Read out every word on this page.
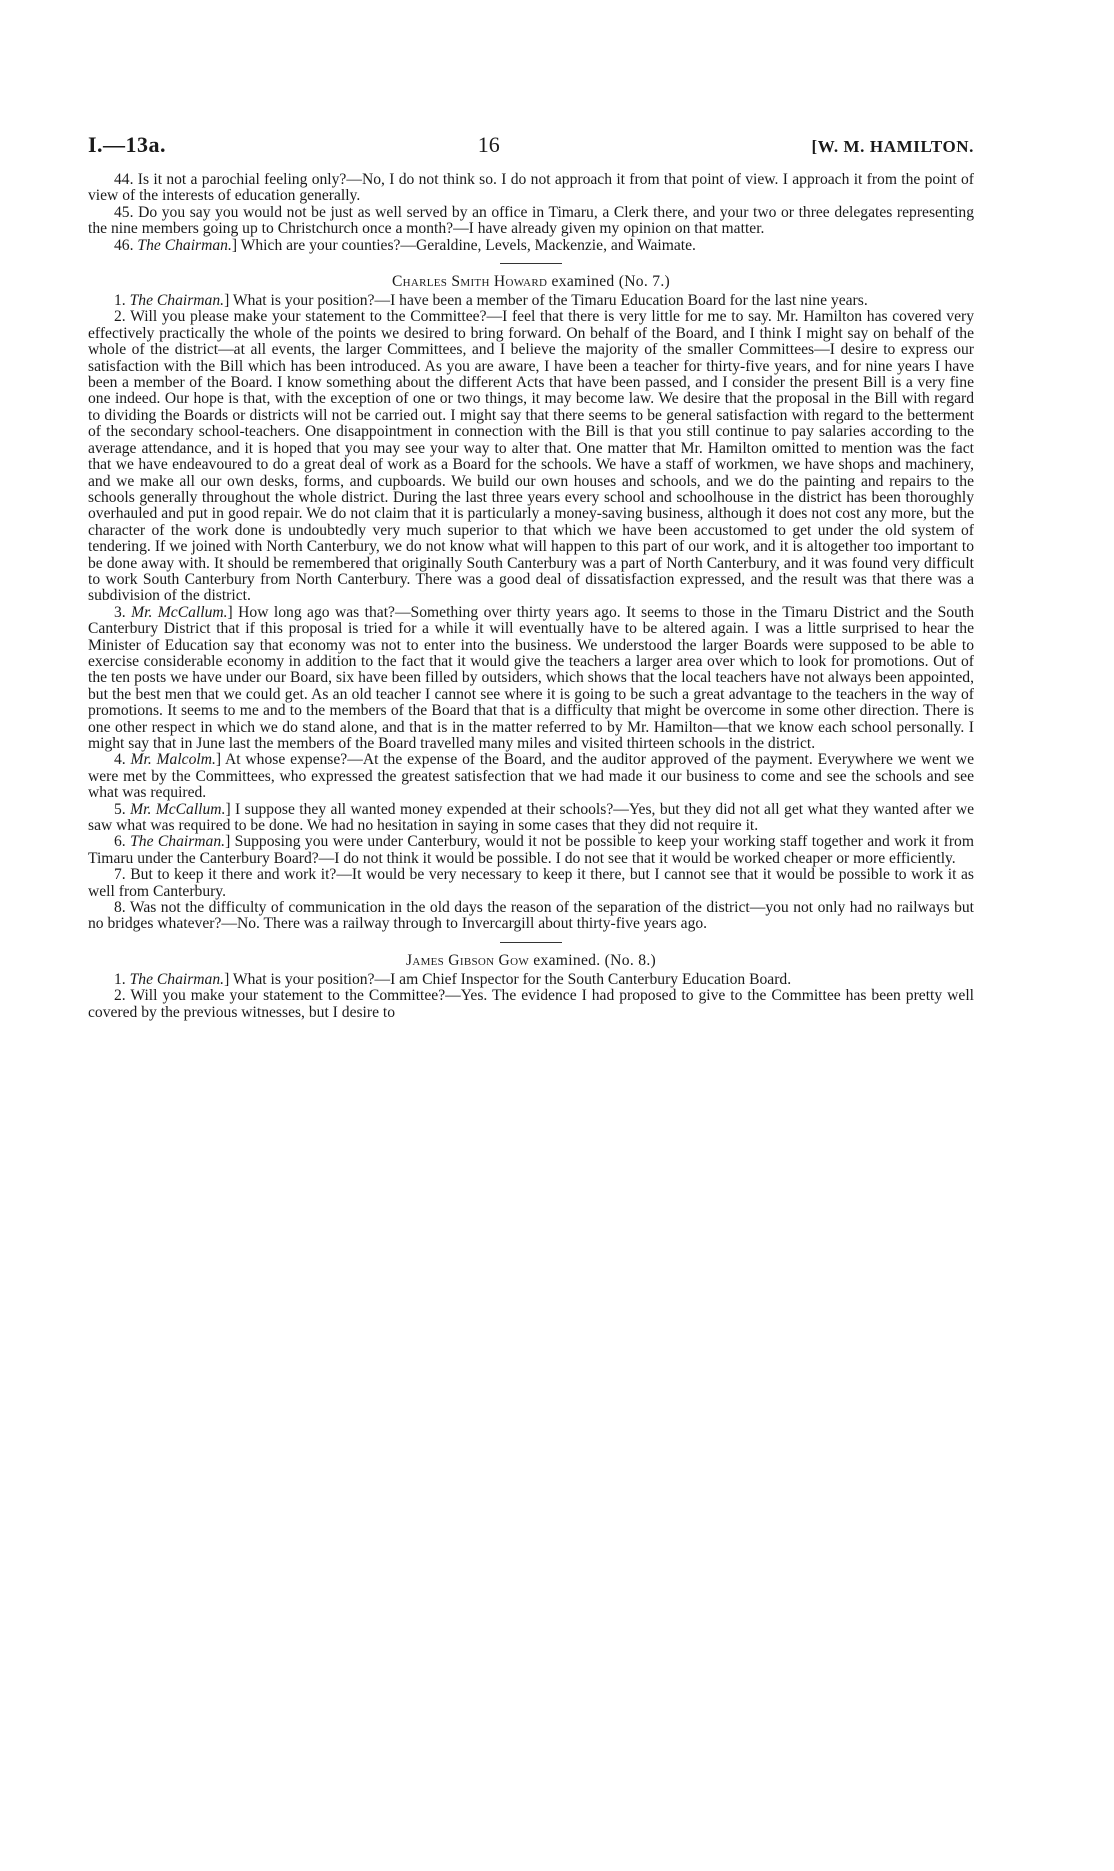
I.—13a.	16	[W. M. HAMILTON.

44. Is it not a parochial feeling only?—No, I do not think so. I do not approach it from that point of view. I approach it from the point of view of the interests of education generally.

45. Do you say you would not be just as well served by an office in Timaru, a Clerk there, and your two or three delegates representing the nine members going up to Christchurch once a month?—I have already given my opinion on that matter.

46. The Chairman.] Which are your counties?—Geraldine, Levels, Mackenzie, and Waimate.

Charles Smith Howard examined (No. 7.)

1. The Chairman.] What is your position?—I have been a member of the Timaru Education Board for the last nine years.

2. Will you please make your statement to the Committee?—I feel that there is very little for me to say. Mr. Hamilton has covered very effectively practically the whole of the points we desired to bring forward. On behalf of the Board, and I think I might say on behalf of the whole of the district—at all events, the larger Committees, and I believe the majority of the smaller Committees—I desire to express our satisfaction with the Bill which has been introduced. As you are aware, I have been a teacher for thirty-five years, and for nine years I have been a member of the Board. I know something about the different Acts that have been passed, and I consider the present Bill is a very fine one indeed. Our hope is that, with the exception of one or two things, it may become law. We desire that the proposal in the Bill with regard to dividing the Boards or districts will not be carried out. I might say that there seems to be general satisfaction with regard to the betterment of the secondary school-teachers. One disappointment in connection with the Bill is that you still continue to pay salaries according to the average attendance, and it is hoped that you may see your way to alter that. One matter that Mr. Hamilton omitted to mention was the fact that we have endeavoured to do a great deal of work as a Board for the schools. We have a staff of workmen, we have shops and machinery, and we make all our own desks, forms, and cupboards. We build our own houses and schools, and we do the painting and repairs to the schools generally throughout the whole district. During the last three years every school and schoolhouse in the district has been thoroughly overhauled and put in good repair. We do not claim that it is particularly a money-saving business, although it does not cost any more, but the character of the work done is undoubtedly very much superior to that which we have been accustomed to get under the old system of tendering. If we joined with North Canterbury, we do not know what will happen to this part of our work, and it is altogether too important to be done away with. It should be remembered that originally South Canterbury was a part of North Canterbury, and it was found very difficult to work South Canterbury from North Canterbury. There was a good deal of dissatisfaction expressed, and the result was that there was a subdivision of the district.

3. Mr. McCallum.] How long ago was that?—Something over thirty years ago. It seems to those in the Timaru District and the South Canterbury District that if this proposal is tried for a while it will eventually have to be altered again. I was a little surprised to hear the Minister of Education say that economy was not to enter into the business. We understood the larger Boards were supposed to be able to exercise considerable economy in addition to the fact that it would give the teachers a larger area over which to look for promotions. Out of the ten posts we have under our Board, six have been filled by outsiders, which shows that the local teachers have not always been appointed, but the best men that we could get. As an old teacher I cannot see where it is going to be such a great advantage to the teachers in the way of promotions. It seems to me and to the members of the Board that that is a difficulty that might be overcome in some other direction. There is one other respect in which we do stand alone, and that is in the matter referred to by Mr. Hamilton—that we know each school personally. I might say that in June last the members of the Board travelled many miles and visited thirteen schools in the district.

4. Mr. Malcolm.] At whose expense?—At the expense of the Board, and the auditor approved of the payment. Everywhere we went we were met by the Committees, who expressed the greatest satisfection that we had made it our business to come and see the schools and see what was required.

5. Mr. McCallum.] I suppose they all wanted money expended at their schools?—Yes, but they did not all get what they wanted after we saw what was required to be done. We had no hesitation in saying in some cases that they did not require it.

6. The Chairman.] Supposing you were under Canterbury, would it not be possible to keep your working staff together and work it from Timaru under the Canterbury Board?—I do not think it would be possible. I do not see that it would be worked cheaper or more efficiently.

7. But to keep it there and work it?—It would be very necessary to keep it there, but I cannot see that it would be possible to work it as well from Canterbury.

8. Was not the difficulty of communication in the old days the reason of the separation of the district—you not only had no railways but no bridges whatever?—No. There was a railway through to Invercargill about thirty-five years ago.

James Gibson Gow examined. (No. 8.)

1. The Chairman.] What is your position?—I am Chief Inspector for the South Canterbury Education Board.

2. Will you make your statement to the Committee?—Yes. The evidence I had proposed to give to the Committee has been pretty well covered by the previous witnesses, but I desire to
